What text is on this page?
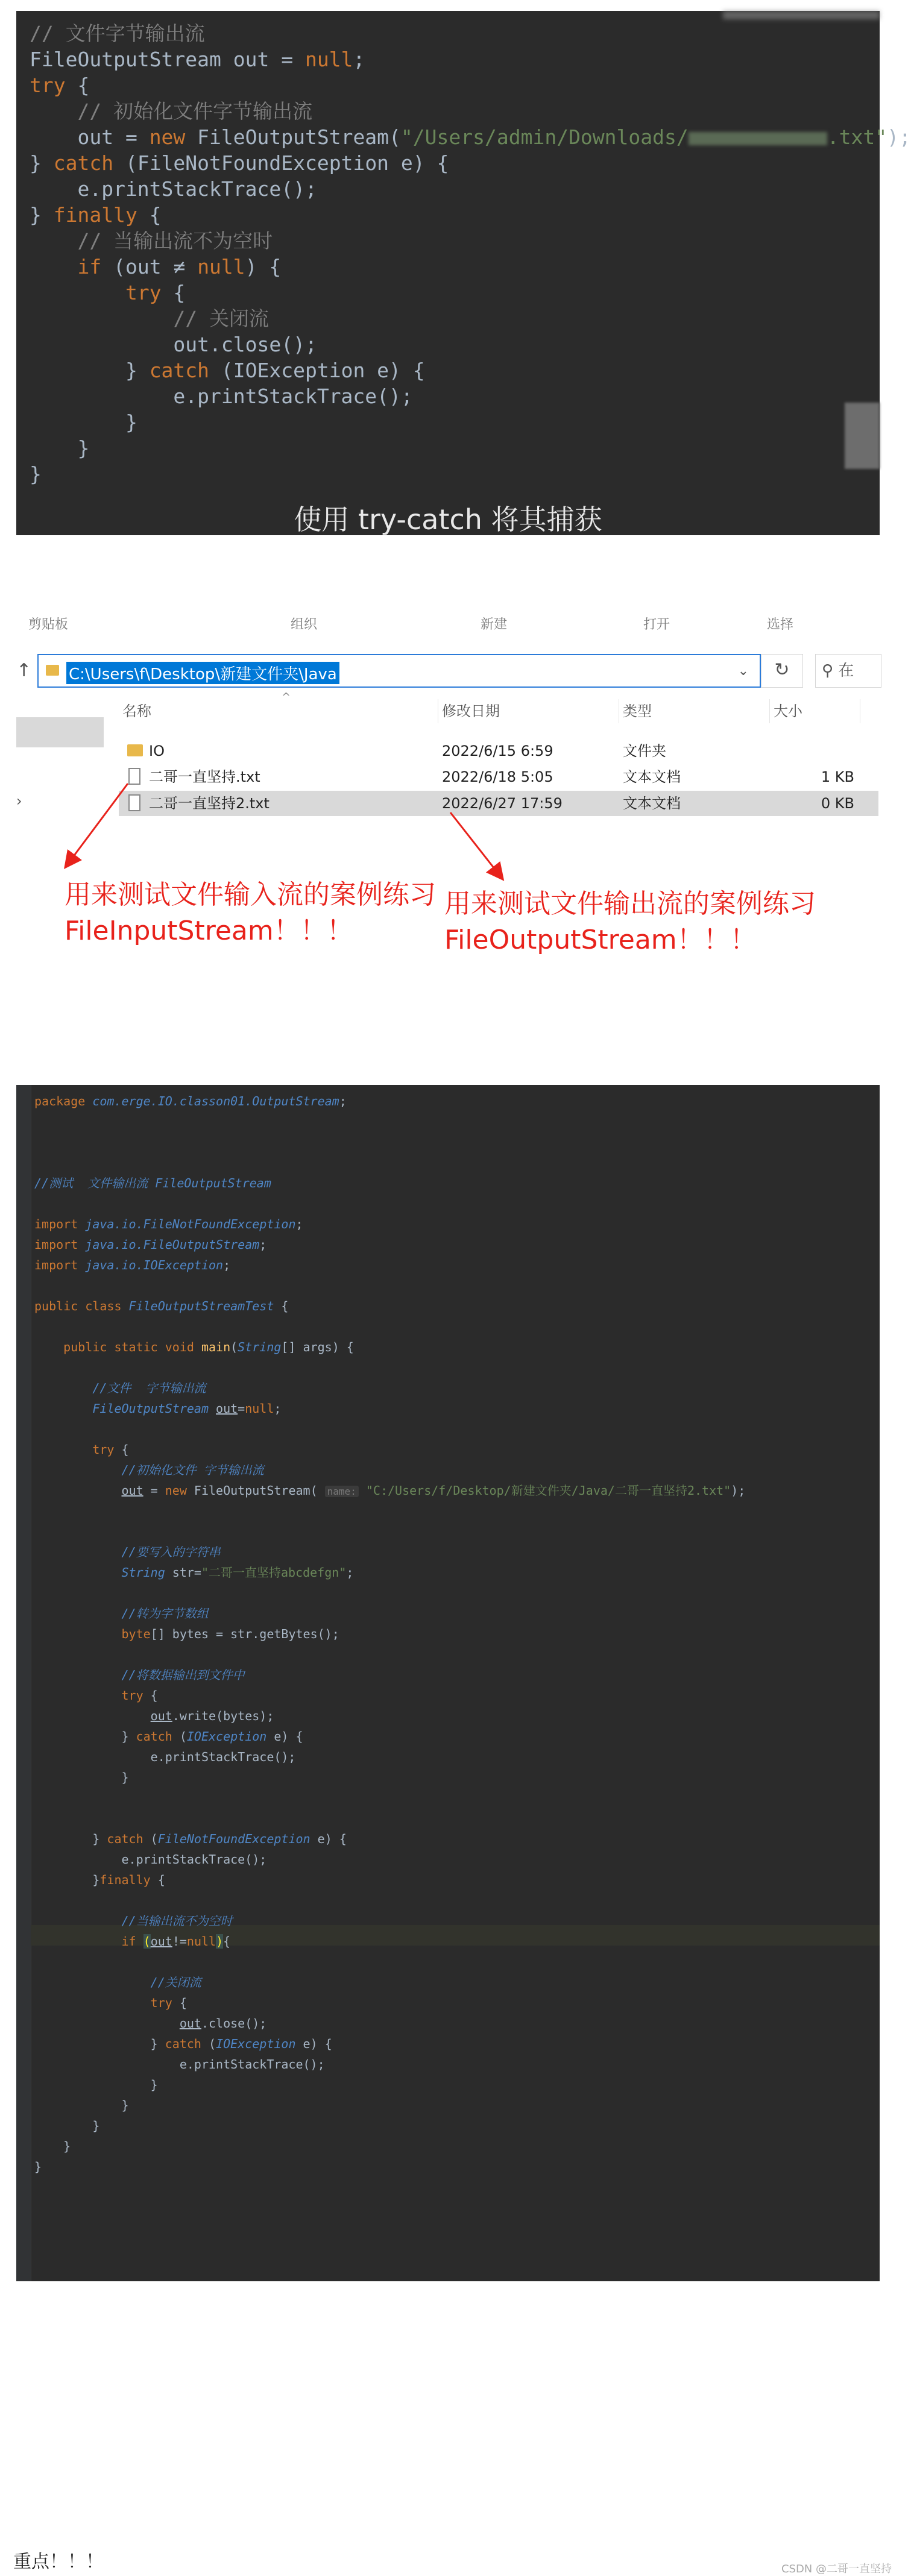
// 文件字节输出流
FileOutputStream out = null;
try {
// 初始化文件字节输出流
out = new FileOutputStream("/Users/admin/Downloads/	.txt");
} catch (FileNotFoundException e) {
e.printStackTrace();
} finally {
// 当输出流不为空时
if (out ≠ null) {
try {
// 关闭流
out.close();
} catch (IOException e) {
e.printStackTrace();
}
}
}
使用 try-catch 将其捕获
剪贴板	组织	新建	打开	选择
↑ C:\Users\f\Desktop\新建文件夹\Java	⌄	↻	⚲ 在
›
^
名称	修改日期	类型	大小
IO	2022/6/15 6:59	文件夹
二哥一直坚持.txt	2022/6/18 5:05	文本文档	1 KB
二哥一直坚持2.txt	2022/6/27 17:59	文本文档	0 KB
用来测试文件输入流的案例练习
FileInputStream！！！
用来测试文件输出流的案例练习
FileOutputStream！！！
package com.erge.IO.classon01.OutputStream;

//测试  文件输出流 FileOutputStream

import java.io.FileNotFoundException;
import java.io.FileOutputStream;
import java.io.IOException;

public class FileOutputStreamTest {

public static void main(String[] args) {

//文件  字节输出流
FileOutputStream out=null;

try {
//初始化文件 字节输出流
out = new FileOutputStream( name: "C:/Users/f/Desktop/新建文件夹/Java/二哥一直坚持2.txt");

//要写入的字符串
String str="二哥一直坚持abcdefgn";

//转为字节数组
byte[] bytes = str.getBytes();

//将数据输出到文件中
try {
out.write(bytes);
} catch (IOException e) {
e.printStackTrace();
}

} catch (FileNotFoundException e) {
e.printStackTrace();
}finally {

//当输出流不为空时
if (out!=null){

//关闭流
try {
out.close();
} catch (IOException e) {
e.printStackTrace();
}
}
}
}
}
重点！！！	CSDN @二哥一直坚持
